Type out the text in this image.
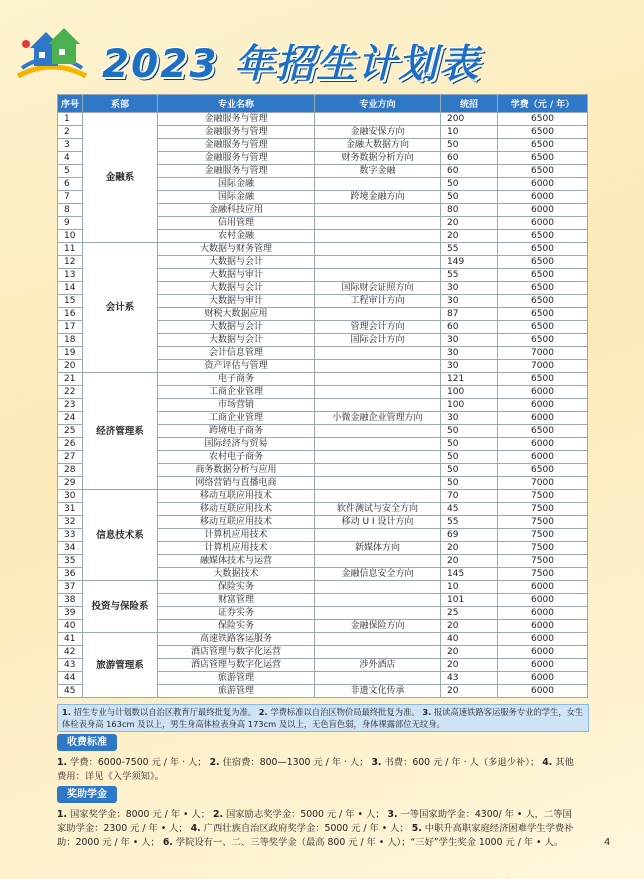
2023 年招生计划表
序号	系部	专业名称	专业方向	统招	学费（元 / 年）
1	金融系	金融服务与管理		200	6500
2		金融服务与管理	金融安保方向	10	6500
3		金融服务与管理	金融大数据方向	50	6500
4		金融服务与管理	财务数据分析方向	60	6500
5		金融服务与管理	数字金融	60	6500
6		国际金融		50	6000
7		国际金融	跨境金融方向	50	6000
8		金融科技应用		80	6000
9		信用管理		20	6000
10		农村金融		20	6500
11	会计系	大数据与财务管理		55	6500
12		大数据与会计		149	6500
13		大数据与审计		55	6500
14		大数据与会计	国际财会证照方向	30	6500
15		大数据与审计	工程审计方向	30	6500
16		财税大数据应用		87	6500
17		大数据与会计	管理会计方向	60	6500
18		大数据与会计	国际会计方向	30	6500
19		会计信息管理		30	7000
20		资产评估与管理		30	7000
21	经济管理系	电子商务		121	6500
22		工商企业管理		100	6000
23		市场营销		100	6000
24		工商企业管理	小微金融企业管理方向	30	6000
25		跨境电子商务		50	6500
26		国际经济与贸易		50	6000
27		农村电子商务		50	6000
28		商务数据分析与应用		50	6500
29		网络营销与直播电商		50	7000
30	信息技术系	移动互联应用技术		70	7500
31		移动互联应用技术	软件测试与安全方向	45	7500
32		移动互联应用技术	移动 U I 设计方向	55	7500
33		计算机应用技术		69	7500
34		计算机应用技术	新媒体方向	20	7500
35		融媒体技术与运营		20	7500
36		大数据技术	金融信息安全方向	145	7500
37	投资与保险系	保险实务		10	6000
38		财富管理		101	6000
39		证券实务		25	6000
40		保险实务	金融保险方向	20	6000
41	旅游管理系	高速铁路客运服务		40	6000
42		酒店管理与数字化运营		20	6000
43		酒店管理与数字化运营	涉外酒店	20	6000
44		旅游管理		43	6000
45		旅游管理	非遗文化传承	20	6000
1. 招生专业与计划数以自治区教育厅最终批复为准。 2. 学费标准以自治区物价局最终批复为准。 3. 报读高速铁路客运服务专业的学生，女生体检表身高 163cm 及以上，男生身高体检表身高 173cm 及以上，无色盲色弱，身体裸露部位无纹身。
收费标准
1. 学费：6000-7500 元 / 年 · 人； 2. 住宿费：800—1300 元 / 年 · 人； 3. 书费：600 元 / 年 · 人（多退少补）； 4. 其他费用：详见《入学须知》。
奖助学金
1. 国家奖学金：8000 元 / 年 • 人； 2. 国家励志奖学金：5000 元 / 年 • 人； 3. 一等国家助学金：4300/ 年 • 人，二等国家助学金：2300 元 / 年 • 人； 4. 广西壮族自治区政府奖学金：5000 元 / 年 • 人； 5. 中职升高职家庭经济困难学生学费补助：2000 元 / 年 • 人； 6. 学院设有一、二、三等奖学金（最高 800 元 / 年 • 人）；“三好”学生奖金 1000 元 / 年 • 人。	4
